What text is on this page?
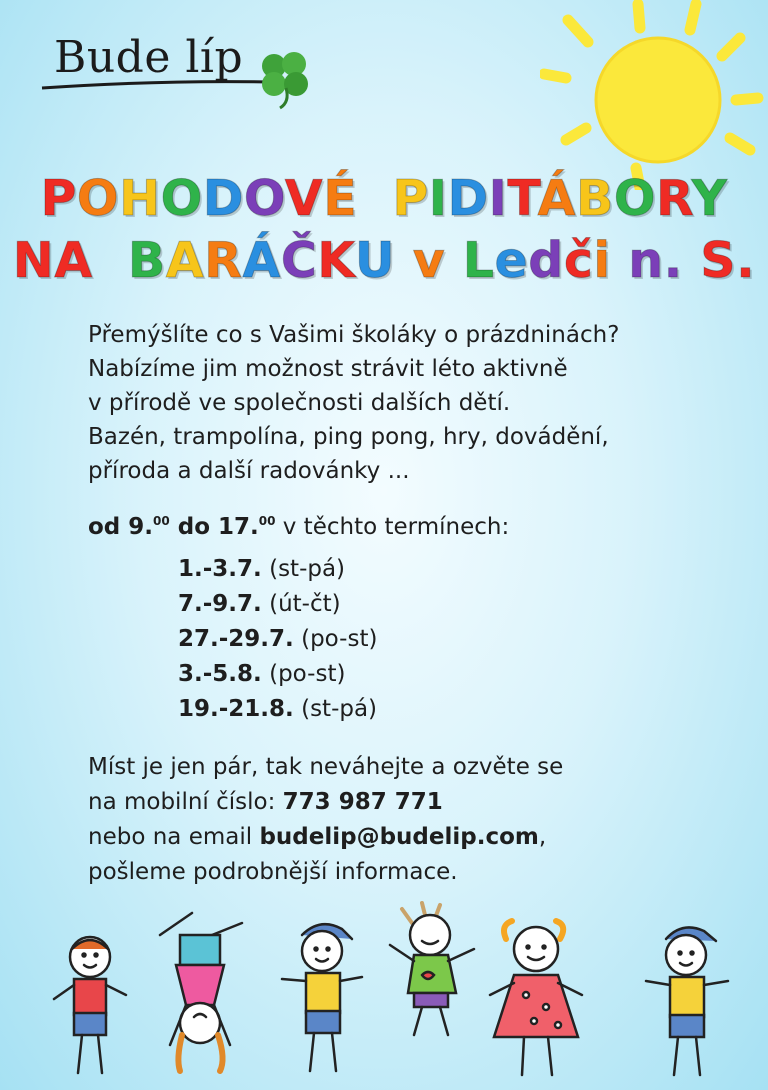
Bude líp
POHODOVÉ PIDITÁBORY
NA BARÁČKU v Ledči n. S.
Přemýšlíte co s Vašimi školáky o prázdninách?
Nabízíme jim možnost strávit léto aktivně
v přírodě ve společnosti dalších dětí.
Bazén, trampolína, ping pong, hry, dovádění,
příroda a další radovánky ...
od 9.00 do 17.00 v těchto termínech:
1.-3.7. (st-pá)
7.-9.7. (út-čt)
27.-29.7. (po-st)
3.-5.8. (po-st)
19.-21.8. (st-pá)
Míst je jen pár, tak neváhejte a ozvěte se
na mobilní číslo: 773 987 771
nebo na email budelip@budelip.com,
pošleme podrobnější informace.
